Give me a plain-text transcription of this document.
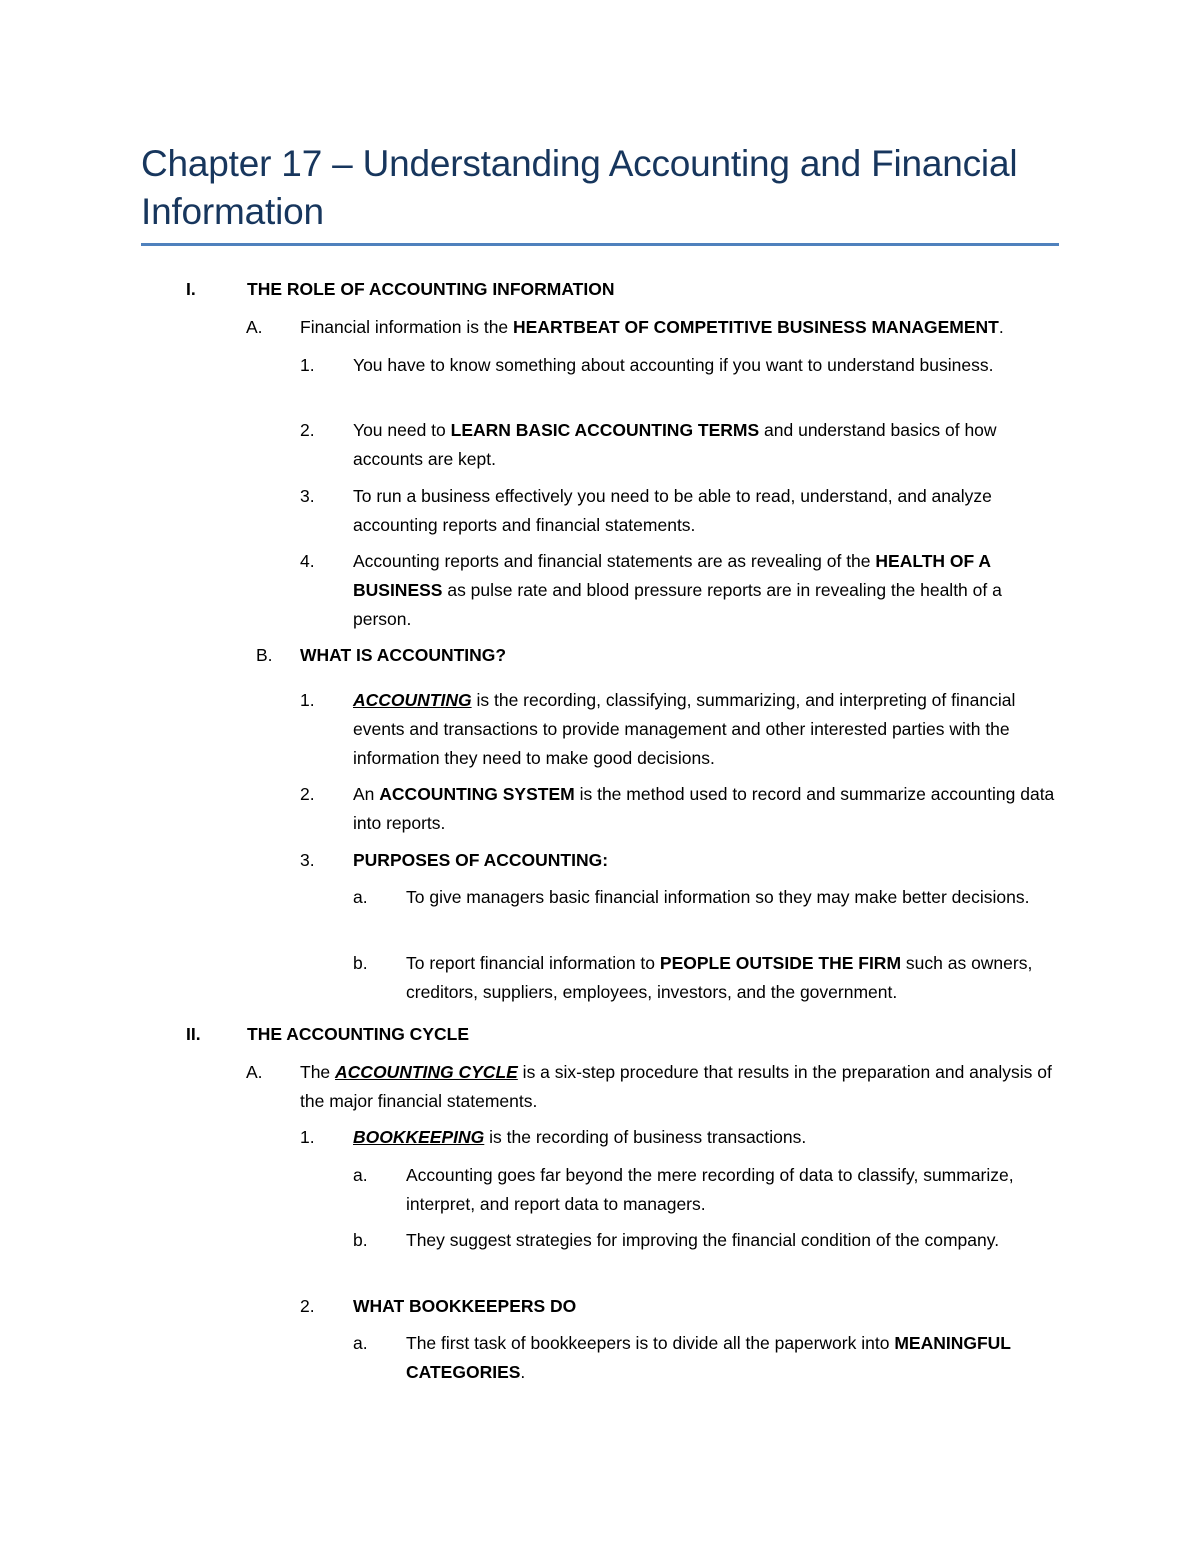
Chapter 17 – Understanding Accounting and Financial Information
I.	THE ROLE OF ACCOUNTING INFORMATION
A. Financial information is the HEARTBEAT OF COMPETITIVE BUSINESS MANAGEMENT.
1. You have to know something about accounting if you want to understand business.
2. You need to LEARN BASIC ACCOUNTING TERMS and understand basics of how accounts are kept.
3. To run a business effectively you need to be able to read, understand, and analyze accounting reports and financial statements.
4. Accounting reports and financial statements are as revealing of the HEALTH OF A BUSINESS as pulse rate and blood pressure reports are in revealing the health of a person.
B. WHAT IS ACCOUNTING?
1. ACCOUNTING is the recording, classifying, summarizing, and interpreting of financial events and transactions to provide management and other interested parties with the information they need to make good decisions.
2. An ACCOUNTING SYSTEM is the method used to record and summarize accounting data into reports.
3. PURPOSES OF ACCOUNTING:
a. To give managers basic financial information so they may make better decisions.
b. To report financial information to PEOPLE OUTSIDE THE FIRM such as owners, creditors, suppliers, employees, investors, and the government.
II.	THE ACCOUNTING CYCLE
A. The ACCOUNTING CYCLE is a six-step procedure that results in the preparation and analysis of the major financial statements.
1. BOOKKEEPING is the recording of business transactions.
a. Accounting goes far beyond the mere recording of data to classify, summarize, interpret, and report data to managers.
b. They suggest strategies for improving the financial condition of the company.
2. WHAT BOOKKEEPERS DO
a. The first task of bookkeepers is to divide all the paperwork into MEANINGFUL CATEGORIES.
